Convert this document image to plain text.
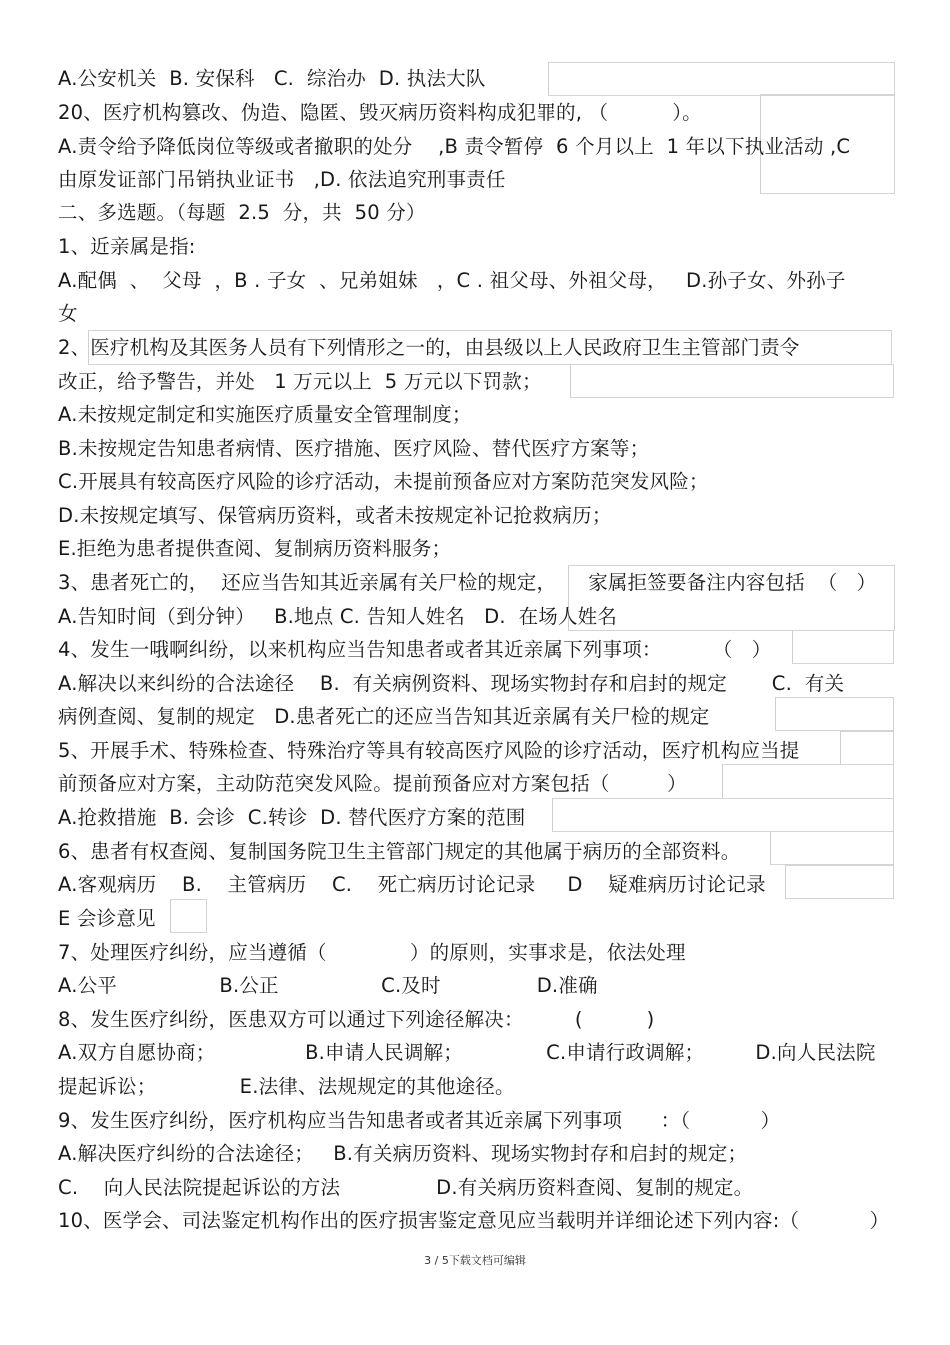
A.公安机关  B. 安保科   C.  综治办  D. 执法大队
20、医疗机构篡改、伪造、隐匿、毁灭病历资料构成犯罪的, （          ）。
A.责令给予降低岗位等级或者撤职的处分    ,B 责令暂停  6 个月以上  1 年以下执业活动 ,C
由原发证部门吊销执业证书   ,D. 依法追究刑事责任
二、多选题。（每题  2.5  分，共  50 分）
1、近亲属是指:
A.配偶  、  父母  ，B . 子女  、兄弟姐妹   ，C . 祖父母、外祖父母，   D.孙子女、外孙子
女
2、医疗机构及其医务人员有下列情形之一的，由县级以上人民政府卫生主管部门责令
改正，给予警告，并处   1 万元以上  5 万元以下罚款；
A.未按规定制定和实施医疗质量安全管理制度；
B.未按规定告知患者病情、医疗措施、医疗风险、替代医疗方案等；
C.开展具有较高医疗风险的诊疗活动，未提前预备应对方案防范突发风险；
D.未按规定填写、保管病历资料，或者未按规定补记抢救病历；
E.拒绝为患者提供查阅、复制病历资料服务；
3、患者死亡的，  还应当告知其近亲属有关尸检的规定，     家属拒签要备注内容包括  （   ）
A.告知时间（到分钟）   B.地点 C. 告知人姓名   D.  在场人姓名
4、发生一哦啊纠纷，以来机构应当告知患者或者其近亲属下列事项：        （   ）
A.解决以来纠纷的合法途径    B.  有关病例资料、现场实物封存和启封的规定       C.  有关
病例查阅、复制的规定   D.患者死亡的还应当告知其近亲属有关尸检的规定
5、开展手术、特殊检查、特殊治疗等具有较高医疗风险的诊疗活动，医疗机构应当提
前预备应对方案，主动防范突发风险。提前预备应对方案包括（         ）
A.抢救措施  B. 会诊  C.转诊  D. 替代医疗方案的范围
6、患者有权查阅、复制国务院卫生主管部门规定的其他属于病历的全部资料。
A.客观病历    B.    主管病历    C.    死亡病历讨论记录     D    疑难病历讨论记录
E 会诊意见
7、处理医疗纠纷，应当遵循（             ）的原则，实事求是，依法处理
A.公平                B.公正                C.及时               D.准确
8、发生医疗纠纷，医患双方可以通过下列途径解决：        (          )
A.双方自愿协商；              B.申请人民调解；             C.申请行政调解；        D.向人民法院
提起诉讼；             E.法律、法规规定的其他途径。
9、发生医疗纠纷，医疗机构应当告知患者或者其近亲属下列事项      ：（           ）
A.解决医疗纠纷的合法途径；   B.有关病历资料、现场实物封存和启封的规定；
C.    向人民法院提起诉讼的方法               D.有关病历资料查阅、复制的规定。
10、医学会、司法鉴定机构作出的医疗损害鉴定意见应当载明并详细论述下列内容:（           ）
3 / 5下载文档可编辑
